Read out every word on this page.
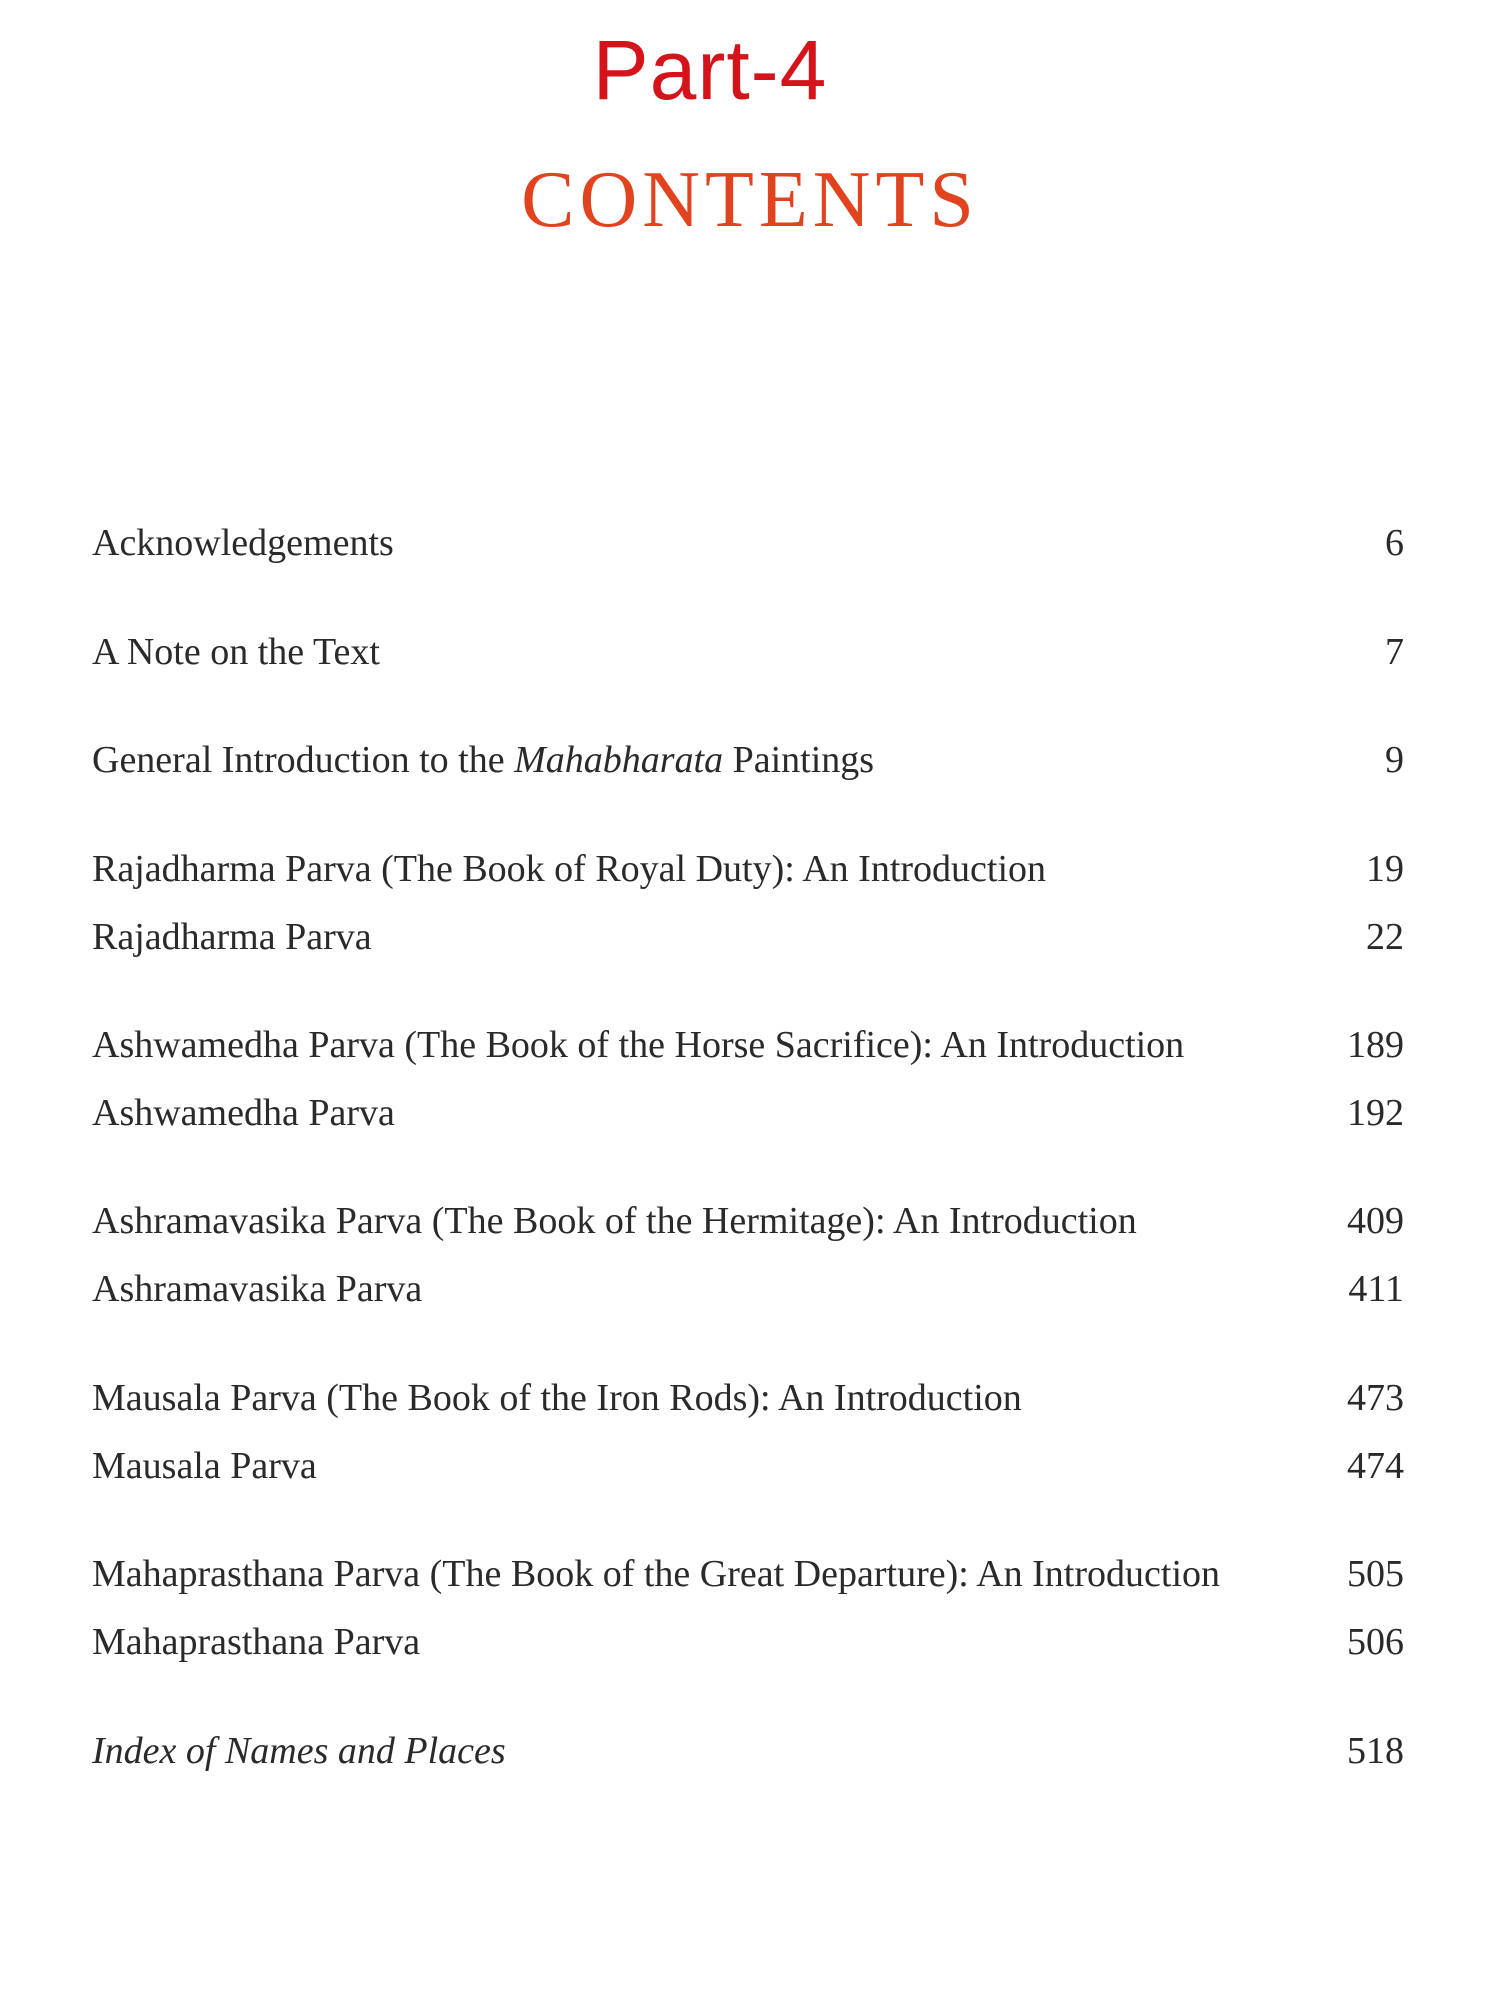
Part-4
CONTENTS
Acknowledgements	6
A Note on the Text	7
General Introduction to the Mahabharata Paintings	9
Rajadharma Parva (The Book of Royal Duty): An Introduction	19
Rajadharma Parva	22
Ashwamedha Parva (The Book of the Horse Sacrifice): An Introduction	189
Ashwamedha Parva	192
Ashramavasika Parva (The Book of the Hermitage): An Introduction	409
Ashramavasika Parva	411
Mausala Parva (The Book of the Iron Rods): An Introduction	473
Mausala Parva	474
Mahaprasthana Parva (The Book of the Great Departure): An Introduction	505
Mahaprasthana Parva	506
Index of Names and Places	518
